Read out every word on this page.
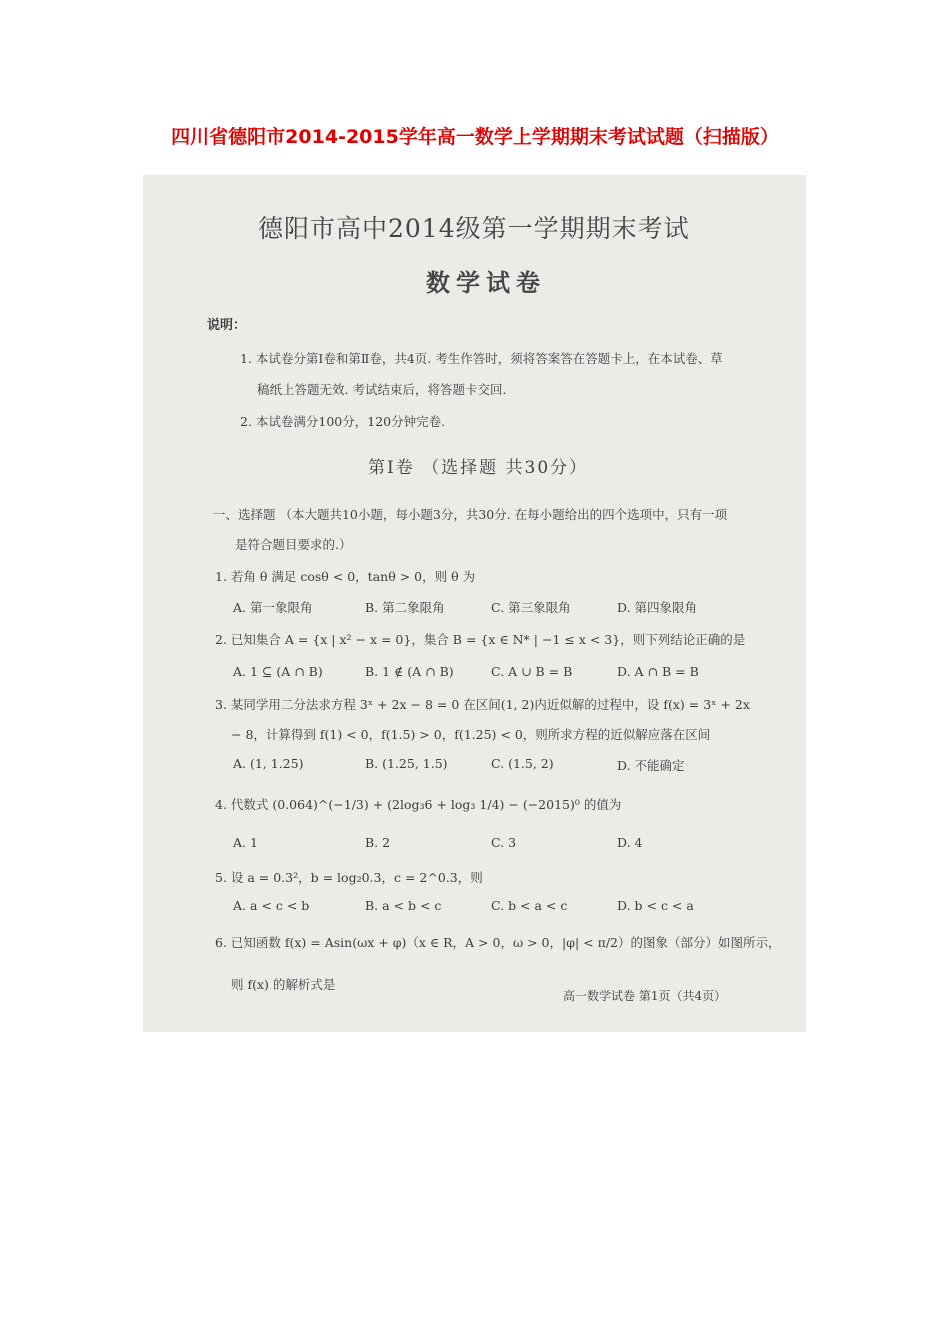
四川省德阳市2014-2015学年高一数学上学期期末考试试题（扫描版）
德阳市高中2014级第一学期期末考试
数学试卷
说明：
1. 本试卷分第Ⅰ卷和第Ⅱ卷，共4页. 考生作答时，须将答案答在答题卡上，在本试卷、草
稿纸上答题无效. 考试结束后，将答题卡交回.
2. 本试卷满分100分，120分钟完卷.
第Ⅰ卷 （选择题 共30分）
一、选择题 （本大题共10小题，每小题3分，共30分. 在每小题给出的四个选项中，只有一项
是符合题目要求的.）
1. 若角 θ 满足 cosθ < 0，tanθ > 0，则 θ 为
A. 第一象限角	B. 第二象限角	C. 第三象限角	D. 第四象限角
2. 已知集合 A = {x | x² − x = 0}，集合 B = {x ∈ N* | −1 ≤ x < 3}，则下列结论正确的是
A. 1 ⊆ (A ∩ B)	B. 1 ∉ (A ∩ B)	C. A ∪ B = B	D. A ∩ B = B
3. 某同学用二分法求方程 3ˣ + 2x − 8 = 0 在区间(1, 2)内近似解的过程中，设 f(x) = 3ˣ + 2x
− 8，计算得到 f(1) < 0，f(1.5) > 0，f(1.25) < 0，则所求方程的近似解应落在区间
A. (1, 1.25)	B. (1.25, 1.5)	C. (1.5, 2)	D. 不能确定
4. 代数式 (0.064)^(−1/3) + (2log₃6 + log₃ 1/4) − (−2015)⁰ 的值为
A. 1	B. 2	C. 3	D. 4
5. 设 a = 0.3²，b = log₂0.3，c = 2^0.3，则
A. a < c < b	B. a < b < c	C. b < a < c	D. b < c < a
6. 已知函数 f(x) = Asin(ωx + φ)（x ∈ R，A > 0，ω > 0，|φ| < π/2）的图象（部分）如图所示，
则 f(x) 的解析式是
高一数学试卷 第1页（共4页）
